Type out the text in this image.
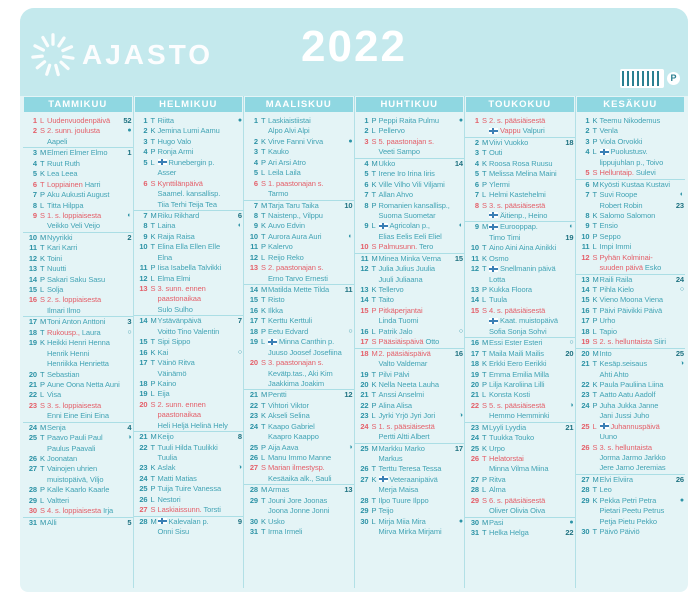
AJASTO 2022
P
TAMMIKUU
1 L Uudenvuodenpäivä 52
2 S 2. sunn. joulusta	●
Aapeli
3 M Elmeri Elmer Elmo	1
4 T Ruut Ruth
5 K Lea Leea
6 T Loppiainen Harri
7 P Aku Aukusti August
8 L Titta Hilppa
9 S 1. s. loppiaisesta	◐
Veikko Veli Veijo
10 M Nyyrikki	2
11 T Kari Karri
12 K Toini
13 T Nuutti
14 P Sakari Saku Sasu
15 L Solja
16 S 2. s. loppiaisesta
Ilmari Ilmo
17 M Toni Anton Anttoni	3
18 T Rukousp., Laura	○
19 K Heikki Henri Henna
Henrik Henni
Henriikka Henrietta
20 T Sebastian
21 P Aune Oona Netta Auni
22 L Visa
23 S 3. s. loppiaisesta
Enni Eine Eini Eina
24 M Senja	4
25 T Paavo Pauli Paul	◑
Paulus Paavali
26 K Joonatan
27 T Vainojen uhrien
muistopäivä, Viljo
28 P Kalle Kaarlo Kaarle
29 L Valtteri
30 S 4. s. loppiaisesta Irja
31 M Alli	5
HELMIKUU
1 T Riitta	●
2 K Jemina Lumi Aamu
3 T Hugo Valo
4 P Ronja Armi
5 L Runebergin p.
Asser
6 S Kynttilänpäivä
Saamel. kansallisp.
Tiia Terhi Teija Tea
7 M Riku Rikhard	6
8 T Laina	◐
9 K Raija Raisa
10 T Elina Ella Ellen Elle
Elna
11 P Iisa Isabella Talvikki
12 L Elma Elmi
13 S 3. sunn. ennen
paastonaikaa
Sulo Sulho
14 M Ystävänpäivä	7
Voitto Tino Valentin
15 T Sipi Sippo
16 K Kai	○
17 T Väinö Ritva
Väinämö
18 P Kaino
19 L Eija
20 S 2. sunn. ennen
paastonaikaa
Heli Heljä Helinä Hely
21 M Keijo	8
22 T Tuuli Hilda Tuulikki
Tuulia
23 K Aslak	◑
24 T Matti Matias
25 P Tuija Tuire Vanessa
26 L Nestori
27 S Laskiaissunn. Torsti
28 M Kalevalan p.	9
Onni Sisu
MAALISKUU
1 T Laskiaistiistai
Alpo Alvi Alpi
2 K Virve Fanni Virva	●
3 T Kauko
4 P Ari Arsi Atro
5 L Leila Laila
6 S 1. paastonajan s.
Tarmo
7 M Tarja Taru Taika	10
8 T Naistenp., Vilppu
9 K Auvo Edvin
10 T Aurora Aura Auri	◐
11 P Kalervo
12 L Reijo Reko
13 S 2. paastonajan s.
Erno Tarvo Ernesti
14 M Matilda Mette Tilda 11
15 T Risto
16 K Ilkka
17 T Kerttu Kerttuli
18 P Eetu Edvard	○
19 L Minna Canthin p.
Juuso Joosef Josefiina
20 S 3. paastonajan s.
Kevätp.tas., Aki Kim
Jaakkima Joakim
21 M Pentti	12
22 T Vihtori Viktor
23 K Akseli Selina
24 T Kaapo Gabriel
Kaapro Kaappo
25 P Aija Aava	◑
26 L Manu Immo Manne
27 S Marian ilmestysp.
Kesäaika alk., Sauli
28 M Armas	13
29 T Jouni Jore Joonas
Joona Jonne Jonni
30 K Usko
31 T Irma Irmeli
HUHTIKUU
1 P Peppi Raita Pulmu	●
2 L Pellervo
3 S 5. paastonajan s.
Veeti Sampo
4 M Ukko	14
5 T Irene Iro Irina Iiris
6 K Ville Vilho Vili Viljami
7 T Allan Ahvo
8 P Romanien kansallisp.,
Suoma Suometar
9 L Agricolan p.,	◐
Elias Eelis Eeli Eliel
10 S Palmusunn. Tero
11 M Minea Minka Verna 15
12 T Julia Julius Juulia
Juuli Juliaana
13 K Tellervo
14 T Taito
15 P Pitkäperjantai
Linda Tuomi
16 L Patrik Jalo	○
17 S Pääsiäispäivä Otto
18 M 2. pääsiäispäivä	16
Valto Valdemar
19 T Pilvi Pälvi
20 K Nella Neeta Lauha
21 T Anssi Anselmi
22 P Alina Alisa
23 L Jyrki Yrjö Jyri Jori	◑
24 S 1. s. pääsiäisestä
Pertti Altti Albert
25 M Markku Marko	17
Markus
26 T Terttu Teresa Tessa
27 K Veteraanipäivä
Merja Maisa
28 T Ilpo Tuure Ilppo
29 P Teijo
30 L Mirja Miia Mira	●
Mirva Mirka Mirjami
TOUKOKUU
1 S 2. s. pääsiäisestä
Vappu Valpuri
2 M Viivi Vuokko	18
3 T Outi
4 K Roosa Rosa Ruusu
5 T Melissa Melina Maini
6 P Ylermi
7 L Helmi Kastehelmi
8 S 3. s. pääsiäisestä
Äitienp., Heino
9 M Eurooppap.	◐
Timo Timi	19
10 T Aino Aini Aina Ainikki
11 K Osmo
12 T Snellmanin päivä
Lotta
13 P Kukka Floora
14 L Tuula
15 S 4. s. pääsiäisestä
Kaat. muistopäivä
Sofia Sonja Sohvi
16 M Essi Ester Esteri	○
17 T Maila Maili Mailis	20
18 K Erkki Eero Eerikki
19 T Emma Emilia Milla
20 P Lilja Karoliina Lilli
21 L Konsta Kosti
22 S 5. s. pääsiäisestä	◑
Hemmo Hemminki
23 M Lyyli Lyydia	21
24 T Tuukka Touko
25 K Urpo
26 T Helatorstai
Minna Vilma Miina
27 P Ritva
28 L Alma
29 S 6. s. pääsiäisestä
Oliver Olivia Oiva
30 M Pasi	●
31 T Helka Helga	22
KESÄKUU
1 K Teemu Nikodemus
2 T Venla
3 P Viola Orvokki
4 L Puolustusv.
lippujuhlan p., Toivo
5 S Helluntaip. Sulevi
6 M Kyösti Kustaa Kustavi
7 T Suvi Roope	◐
Robert Robin	23
8 K Salomo Salomon
9 T Ensio
10 P Seppo
11 L Impi Immi
12 S Pyhän Kolminai-
suuden päivä Esko
13 M Raili Raila	24
14 T Pihla Kielo	○
15 K Vieno Moona Viena
16 T Päivi Päivikki Päivä
17 P Urho
18 L Tapio
19 S 2. s. helluntaista Siiri
20 M Into	25
21 T Kesäp.seisaus	◑
Ahti Ahto
22 K Paula Pauliina Liina
23 T Aatto Aatu Aadolf
24 P Juha Jukka Janne
Jani Jussi Juho
25 L Juhannuspäivä
Uuno
26 S 3. s. helluntaista
Jorma Jarmo Jarkko
Jere Jarno Jeremias
27 M Elvi Elviira	26
28 T Leo
29 K Pekka Petri Petra	●
Pietari Peetu Petrus
Petja Pietu Pekko
30 T Päivö Päiviö
